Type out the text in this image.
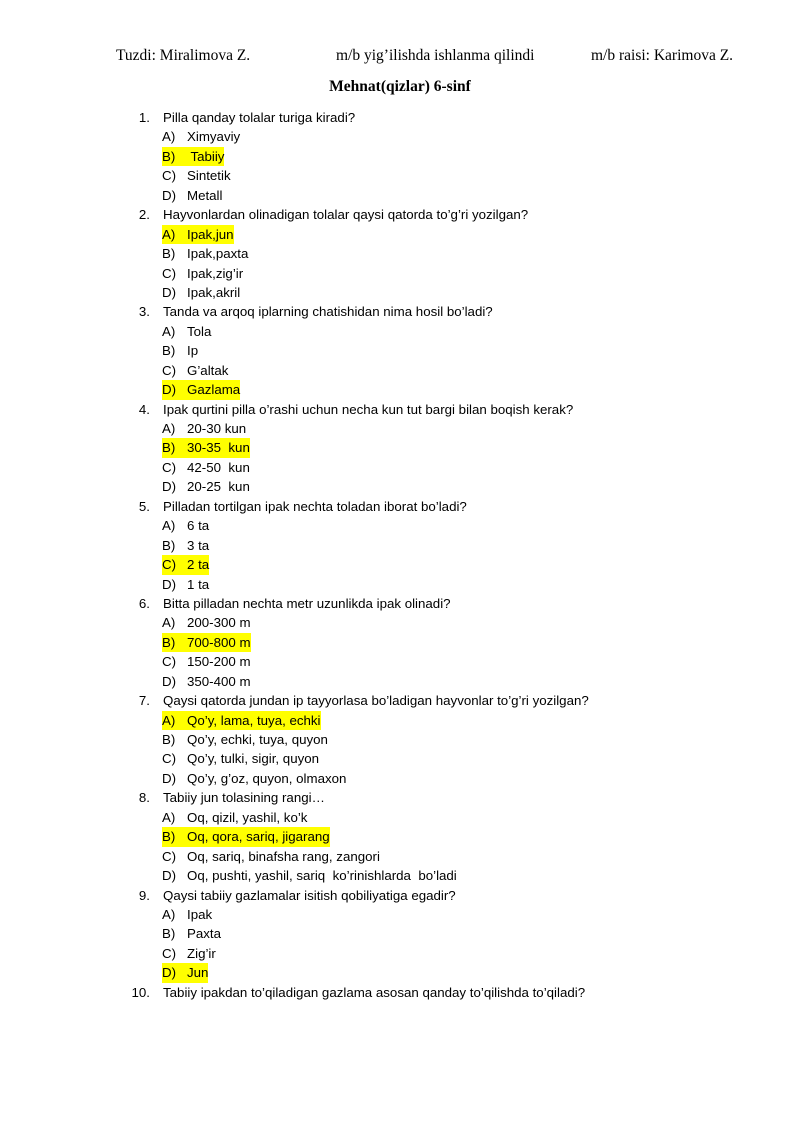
Tuzdi: Miralimova Z.	m/b yig’ilishda ishlanma qilindi	m/b raisi: Karimova Z.
Mehnat(qizlar) 6-sinf
1. Pilla qanday tolalar turiga kiradi?
A) Ximyaviy
B) Tabiiy
C) Sintetik
D) Metall
2. Hayvonlardan olinadigan tolalar qaysi qatorda to’g’ri yozilgan?
A) Ipak,jun
B) Ipak,paxta
C) Ipak,zig’ir
D) Ipak,akril
3. Tanda va arqoq iplarning chatishidan nima hosil bo’ladi?
A) Tola
B) Ip
C) G’altak
D) Gazlama
4. Ipak qurtini pilla o’rashi uchun necha kun tut bargi bilan boqish kerak?
A) 20-30 kun
B) 30-35  kun
C) 42-50  kun
D) 20-25  kun
5. Pilladan tortilgan ipak nechta toladan iborat bo’ladi?
A) 6 ta
B) 3 ta
C) 2 ta
D) 1 ta
6. Bitta pilladan nechta metr uzunlikda ipak olinadi?
A) 200-300 m
B) 700-800 m
C) 150-200 m
D) 350-400 m
7. Qaysi qatorda jundan ip tayyorlasa bo’ladigan hayvonlar to’g’ri yozilgan?
A) Qo’y, lama, tuya, echki
B) Qo’y, echki, tuya, quyon
C) Qo’y, tulki, sigir, quyon
D) Qo’y, g’oz, quyon, olmaxon
8. Tabiiy jun tolasining rangi…
A) Oq, qizil, yashil, ko’k
B) Oq, qora, sariq, jigarang
C) Oq, sariq, binafsha rang, zangori
D) Oq, pushti, yashil, sariq  ko’rinishlarda  bo’ladi
9. Qaysi tabiiy gazlamalar isitish qobiliyatiga egadir?
A) Ipak
B) Paxta
C) Zig’ir
D) Jun
10. Tabiiy ipakdan to’qiladigan gazlama asosan qanday to’qilishda to’qiladi?
